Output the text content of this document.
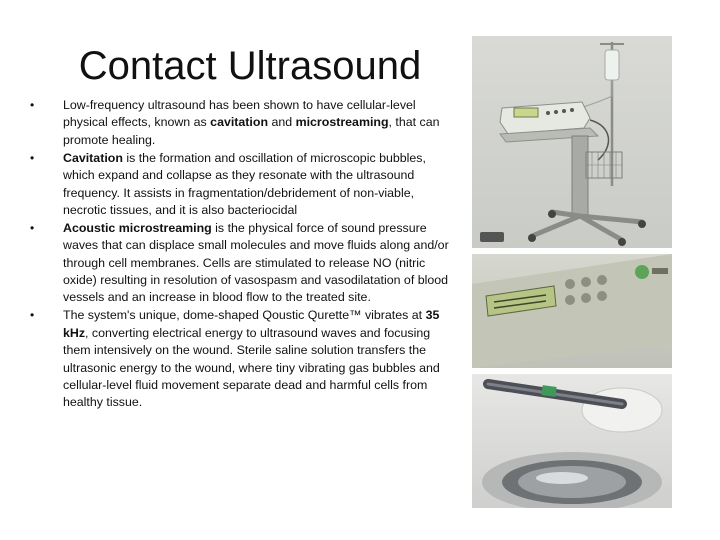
Contact Ultrasound
• Low-frequency ultrasound has been shown to have cellular-level physical effects, known as cavitation and microstreaming, that can promote healing.
• Cavitation is the formation and oscillation of microscopic bubbles, which expand and collapse as they resonate with the ultrasound frequency. It assists in fragmentation/debridement of non-viable, necrotic tissues, and it is also bacteriocidal
• Acoustic microstreaming is the physical force of sound pressure waves that can displace small molecules and move fluids along and/or through cell membranes. Cells are stimulated to release NO (nitric oxide) resulting in resolution of vasospasm and vasodilatation of blood vessels and an increase in blood flow to the treated site.
• The system's unique, dome-shaped Qoustic Qurette™ vibrates at 35 kHz, converting electrical energy to ultrasound waves and focusing them intensively on the wound. Sterile saline solution transfers the ultrasonic energy to the wound, where tiny vibrating gas bubbles and cellular-level fluid movement separate dead and harmful cells from healthy tissue.
